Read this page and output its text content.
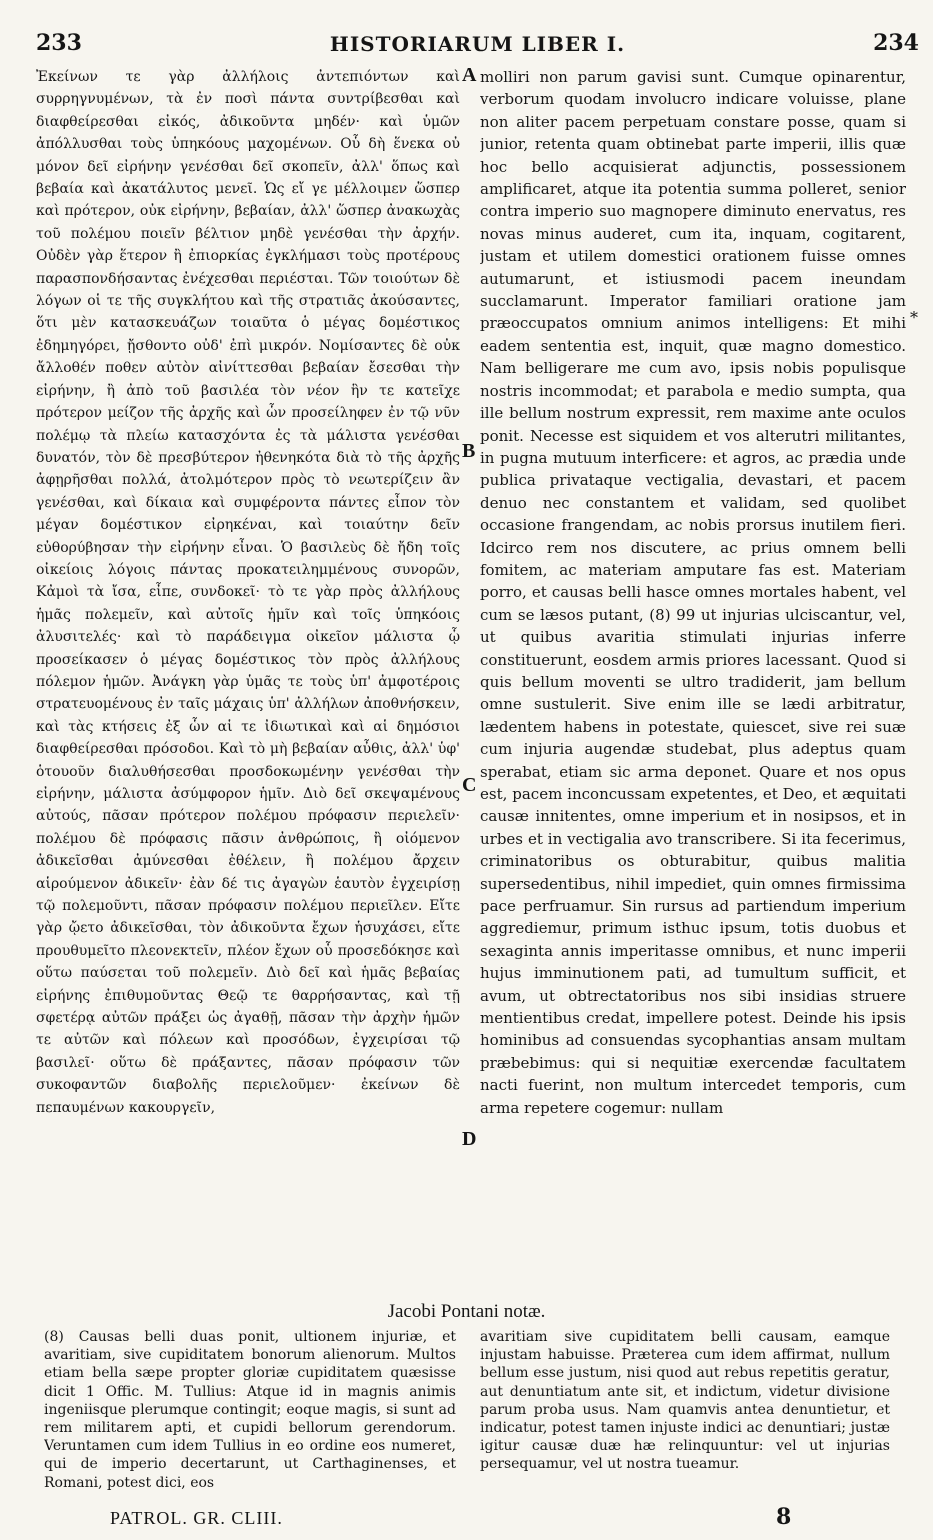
233	HISTORIARUM LIBER I.	234
Ἐκείνων τε γὰρ ἀλλήλοις ἀντεπιόντων καὶ συρρηγνυμένων, τὰ ἐν ποσὶ πάντα συντρίβεσθαι καὶ διαφθείρεσθαι εἰκός, ἀδικοῦντα μηδέν· καὶ ὑμῶν ἀπόλλυσθαι τοὺς ὑπηκόους μαχομένων. Οὗ δὴ ἕνεκα οὐ μόνον δεῖ εἰρήνην γενέσθαι δεῖ σκοπεῖν, ἀλλ' ὅπως καὶ βεβαία καὶ ἀκατάλυτος μενεῖ. Ὡς εἴ γε μέλλοιμεν ὥσπερ καὶ πρότερον, οὐκ εἰρήνην, βεβαίαν, ἀλλ' ὥσπερ ἀνακωχὰς τοῦ πολέμου ποιεῖν βέλτιον μηδὲ γενέσθαι τὴν ἀρχήν. Οὐδὲν γὰρ ἕτερον ἢ ἐπιορκίας ἐγκλήμασι τοὺς προτέρους παρασπονδήσαντας ἐνέχεσθαι περιέσται. Τῶν τοιούτων δὲ λόγων οἱ τε τῆς συγκλήτου καὶ τῆς στρατιᾶς ἀκούσαντες, ὅτι μὲν κατασκευάζων τοιαῦτα ὁ μέγας δομέστικος ἐδημηγόρει, ᾔσθοντο οὐδ' ἐπὶ μικρόν. Νομίσαντες δὲ οὐκ ἄλλοθέν ποθεν αὐτὸν αἰνίττεσθαι βεβαίαν ἔσεσθαι τὴν εἰρήνην, ἢ ἀπὸ τοῦ βασιλέα τὸν νέον ἣν τε κατεῖχε πρότερον μείζον τῆς ἀρχῆς καὶ ὧν προσείληφεν ἐν τῷ νῦν πολέμῳ τὰ πλείω κατασχόντα ἐς τὰ μάλιστα γενέσθαι δυνατόν, τὸν δὲ πρεσβύτερον ἠθενηκότα διὰ τὸ τῆς ἀρχῆς ἀφῃρῆσθαι πολλά, ἀτολμότερον πρὸς τὸ νεωτερίζειν ἂν γενέσθαι, καὶ δίκαια καὶ συμφέροντα πάντες εἶπον τὸν μέγαν δομέστικον εἰρηκέναι, καὶ τοιαύτην δεῖν εὐθορύβησαν τὴν εἰρήνην εἶναι. Ὁ βασιλεὺς δὲ ἤδη τοῖς οἰκείοις λόγοις πάντας προκατειλημμένους συνορῶν, Κἀμοὶ τὰ ἴσα, εἶπε, συνδοκεῖ· τὸ τε γὰρ πρὸς ἀλλήλους ἡμᾶς πολεμεῖν, καὶ αὐτοῖς ἡμῖν καὶ τοῖς ὑπηκόοις ἀλυσιτελές· καὶ τὸ παράδειγμα οἰκεῖον μάλιστα ᾧ προσείκασεν ὁ μέγας δομέστικος τὸν πρὸς ἀλλήλους πόλεμον ἡμῶν. Ἀνάγκη γὰρ ὑμᾶς τε τοὺς ὑπ' ἀμφοτέροις στρατευομένους ἐν ταῖς μάχαις ὑπ' ἀλλήλων ἀποθνήσκειν, καὶ τὰς κτήσεις ἐξ ὧν αἱ τε ἰδιωτικαὶ καὶ αἱ δημόσιοι διαφθείρεσθαι πρόσοδοι. Καὶ τὸ μὴ βεβαίαν αὖθις, ἀλλ' ὑφ' ὁτουοῦν διαλυθήσεσθαι προσδοκωμένην γενέσθαι τὴν εἰρήνην, μάλιστα ἀσύμφορον ἡμῖν. Διὸ δεῖ σκεψαμένους αὐτούς, πᾶσαν πρότερον πολέμου πρόφασιν περιελεῖν· πολέμου δὲ πρόφασις πᾶσιν ἀνθρώποις, ἢ οἰόμενον ἀδικεῖσθαι ἀμύνεσθαι ἐθέλειν, ἢ πολέμου ἄρχειν αἱρούμενον ἀδικεῖν· ἐὰν δέ τις ἀγαγὼν ἑαυτὸν ἐγχειρίσῃ τῷ πολεμοῦντι, πᾶσαν πρόφασιν πολέμου περιεῖλεν. Εἴτε γὰρ ᾤετο ἀδικεῖσθαι, τὸν ἀδικοῦντα ἔχων ἡσυχάσει, εἴτε προυθυμεῖτο πλεονεκτεῖν, πλέον ἔχων οὗ προσεδόκησε καὶ οὕτω παύσεται τοῦ πολεμεῖν. Διὸ δεῖ καὶ ἡμᾶς βεβαίας εἰρήνης ἐπιθυμοῦντας Θεῷ τε θαρρήσαντας, καὶ τῇ σφετέρᾳ αὐτῶν πράξει ὡς ἀγαθῇ, πᾶσαν τὴν ἀρχὴν ἡμῶν τε αὐτῶν καὶ πόλεων καὶ προσόδων, ἐγχειρίσαι τῷ βασιλεῖ· οὕτω δὲ πράξαντες, πᾶσαν πρόφασιν τῶν συκοφαντῶν διαβολῆς περιελοῦμεν· ἐκείνων δὲ πεπαυμένων κακουργεῖν,
A
B
C
D
molliri non parum gavisi sunt. Cumque opinarentur, verborum quodam involucro indicare voluisse, plane non aliter pacem perpetuam constare posse, quam si junior, retenta quam obtinebat parte imperii, illis quæ hoc bello acquisierat adjunctis, possessionem amplificaret, atque ita potentia summa polleret, senior contra imperio suo magnopere diminuto enervatus, res novas minus auderet, cum ita, inquam, cogitarent, justam et utilem domestici orationem fuisse omnes autumarunt, et istiusmodi pacem ineundam succlamarunt. Imperator familiari oratione jam præoccupatos omnium animos intelligens: Et mihi eadem sententia est, inquit, quæ magno domestico. Nam belligerare me cum avo, ipsis nobis populisque nostris incommodat; et parabola e medio sumpta, qua ille bellum nostrum expressit, rem maxime ante oculos ponit. Necesse est siquidem et vos alterutri militantes, in pugna mutuum interficere: et agros, ac prædia unde publica privataque vectigalia, devastari, et pacem denuo nec constantem et validam, sed quolibet occasione frangendam, ac nobis prorsus inutilem fieri. Idcirco rem nos discutere, ac prius omnem belli fomitem, ac materiam amputare fas est. Materiam porro, et causas belli hasce omnes mortales habent, vel cum se læsos putant, (8) 99 ut injurias ulciscantur, vel, ut quibus avaritia stimulati injurias inferre constituerunt, eosdem armis priores lacessant. Quod si quis bellum moventi se ultro tradiderit, jam bellum omne sustulerit. Sive enim ille se lædi arbitratur, lædentem habens in potestate, quiescet, sive rei suæ cum injuria augendæ studebat, plus adeptus quam sperabat, etiam sic arma deponet. Quare et nos opus est, pacem inconcussam expetentes, et Deo, et æquitati causæ innitentes, omne imperium et in nosipsos, et in urbes et in vectigalia avo transcribere. Si ita fecerimus, criminatoribus os obturabitur, quibus malitia supersedentibus, nihil impediet, quin omnes firmissima pace perfruamur. Sin rursus ad partiendum imperium aggrediemur, primum isthuc ipsum, totis duobus et sexaginta annis imperitasse omnibus, et nunc imperii hujus imminutionem pati, ad tumultum sufficit, et avum, ut obtrectatoribus nos sibi insidias struere mentientibus credat, impellere potest. Deinde his ipsis hominibus ad consuendas sycophantias ansam multam præbebimus: qui si nequitiæ exercendæ facultatem nacti fuerint, non multum intercedet temporis, cum arma repetere cogemur: nullam
*
Jacobi Pontani notæ.
(8) Causas belli duas ponit, ultionem injuriæ, et avaritiam, sive cupiditatem bonorum alienorum. Multos etiam bella sæpe propter gloriæ cupiditatem quæsisse dicit 1 Offic. M. Tullius: Atque id in magnis animis ingeniisque plerumque contingit; eoque magis, si sunt ad rem militarem apti, et cupidi bellorum gerendorum. Veruntamen cum idem Tullius in eo ordine eos numeret, qui de imperio decertarunt, ut Carthaginenses, et Romani, potest dici, eos
avaritiam sive cupiditatem belli causam, eamque injustam habuisse. Præterea cum idem affirmat, nullum bellum esse justum, nisi quod aut rebus repetitis geratur, aut denuntiatum ante sit, et indictum, videtur divisione parum proba usus. Nam quamvis antea denuntietur, et indicatur, potest tamen injuste indici ac denuntiari; justæ igitur causæ duæ hæ relinquuntur: vel ut injurias persequamur, vel ut nostra tueamur.
PATROL. GR. CLIII.	8
